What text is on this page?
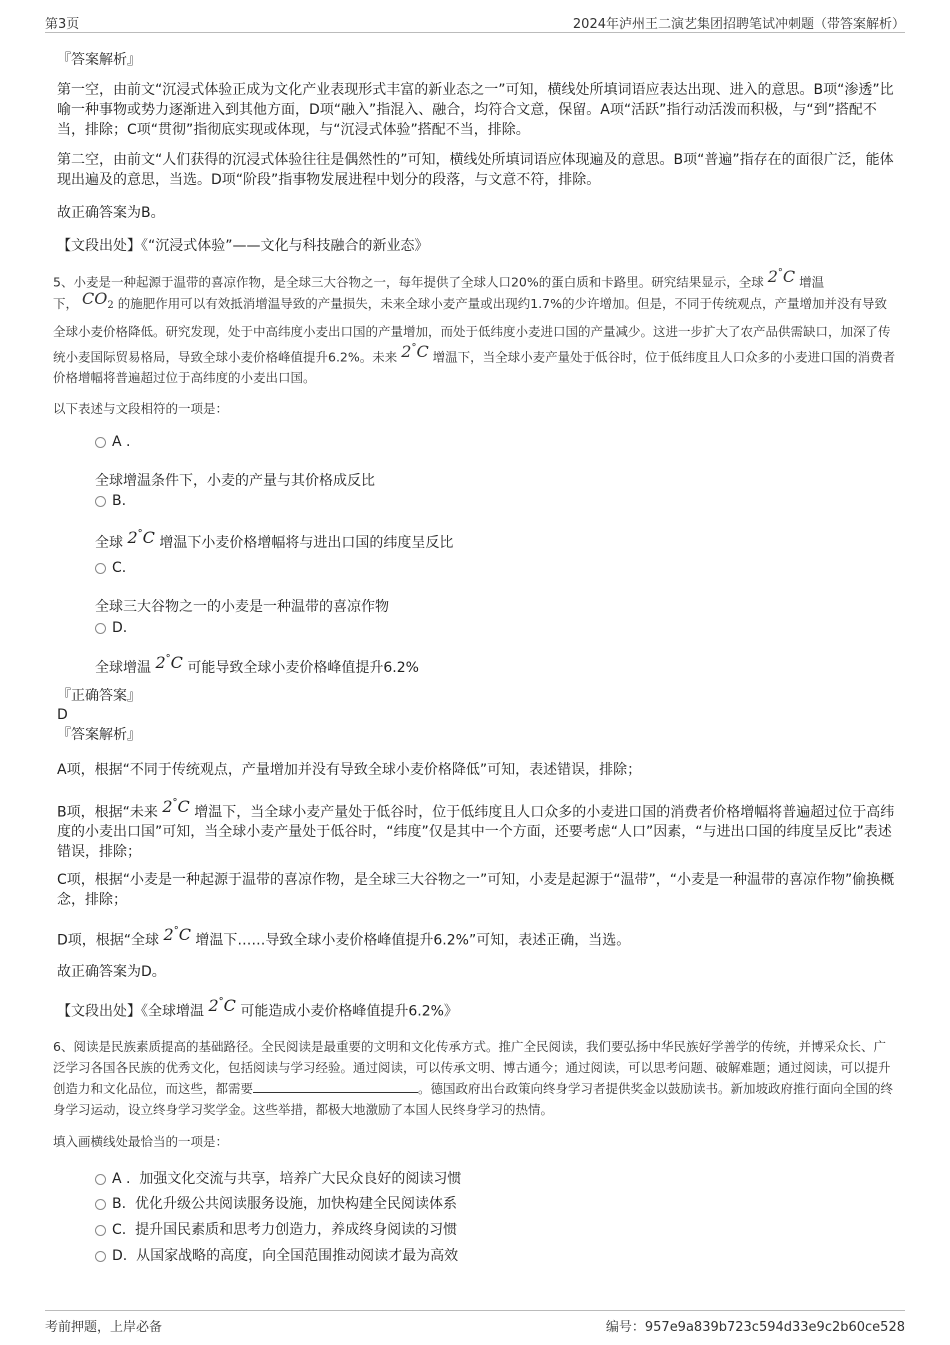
第3页	2024年泸州王二演艺集团招聘笔试冲刺题（带答案解析）
『答案解析』
第一空，由前文“沉浸式体验正成为文化产业表现形式丰富的新业态之一”可知，横线处所填词语应表达出现、进入的意思。B项“渗透”比喻一种事物或势力逐渐进入到其他方面，D项“融入”指混入、融合，均符合文意，保留。A项“活跃”指行动活泼而积极，与“到”搭配不当，排除；C项“贯彻”指彻底实现或体现，与“沉浸式体验”搭配不当，排除。
第二空，由前文“人们获得的沉浸式体验往往是偶然性的”可知，横线处所填词语应体现遍及的意思。B项“普遍”指存在的面很广泛，能体现出遍及的意思，当选。D项“阶段”指事物发展进程中划分的段落，与文意不符，排除。
故正确答案为B。
【文段出处】《“沉浸式体验”——文化与科技融合的新业态》
5、小麦是一种起源于温带的喜凉作物，是全球三大谷物之一，每年提供了全球人口20%的蛋白质和卡路里。研究结果显示，全球 2°C 增温
下， $CO_2$ 的施肥作用可以有效抵消增温导致的产量损失，未来全球小麦产量或出现约1.7%的少许增加。但是，不同于传统观点，产量增加并没有导致全球小麦价格降低。研究发现，处于中高纬度小麦出口国的产量增加，而处于低纬度小麦进口国的产量减少。这进一步扩大了农产品供需缺口，加深了传统小麦国际贸易格局，导致全球小麦价格峰值提升6.2%。未来 2°C 增温下，当全球小麦产量处于低谷时，位于低纬度且人口众多的小麦进口国的消费者价格增幅将普遍超过位于高纬度的小麦出口国。
以下表述与文段相符的一项是：
A .
全球增温条件下，小麦的产量与其价格成反比
B.
全球 2°C 增温下小麦价格增幅将与进出口国的纬度呈反比
C.
全球三大谷物之一的小麦是一种温带的喜凉作物
D.
全球增温 2°C 可能导致全球小麦价格峰值提升6.2%
『正确答案』
D
『答案解析』
A项，根据“不同于传统观点，产量增加并没有导致全球小麦价格降低”可知，表述错误，排除；
B项，根据“未来 2°C 增温下，当全球小麦产量处于低谷时，位于低纬度且人口众多的小麦进口国的消费者价格增幅将普遍超过位于高纬度的小麦出口国”可知，当全球小麦产量处于低谷时，“纬度”仅是其中一个方面，还要考虑“人口”因素，“与进出口国的纬度呈反比”表述错误，排除；
C项，根据“小麦是一种起源于温带的喜凉作物，是全球三大谷物之一”可知，小麦是起源于“温带”，“小麦是一种温带的喜凉作物”偷换概念，排除；
D项，根据“全球 2°C 增温下……导致全球小麦价格峰值提升6.2%”可知，表述正确，当选。
故正确答案为D。
【文段出处】《全球增温 2°C 可能造成小麦价格峰值提升6.2%》
6、阅读是民族素质提高的基础路径。全民阅读是最重要的文明和文化传承方式。推广全民阅读，我们要弘扬中华民族好学善学的传统，并博采众长、广泛学习各国各民族的优秀文化，包括阅读与学习经验。通过阅读，可以传承文明、博古通今；通过阅读，可以思考问题、破解难题；通过阅读，可以提升创造力和文化品位，而这些，都需要	。德国政府出台政策向终身学习者提供奖金以鼓励读书。新加坡政府推行面向全国的终身学习运动，设立终身学习奖学金。这些举措，都极大地激励了本国人民终身学习的热情。
填入画横线处最恰当的一项是：
A . 加强文化交流与共享，培养广大民众良好的阅读习惯
B. 优化升级公共阅读服务设施，加快构建全民阅读体系
C. 提升国民素质和思考力创造力，养成终身阅读的习惯
D. 从国家战略的高度，向全国范围推动阅读才最为高效
考前押题，上岸必备	编号：957e9a839b723c594d33e9c2b60ce528
